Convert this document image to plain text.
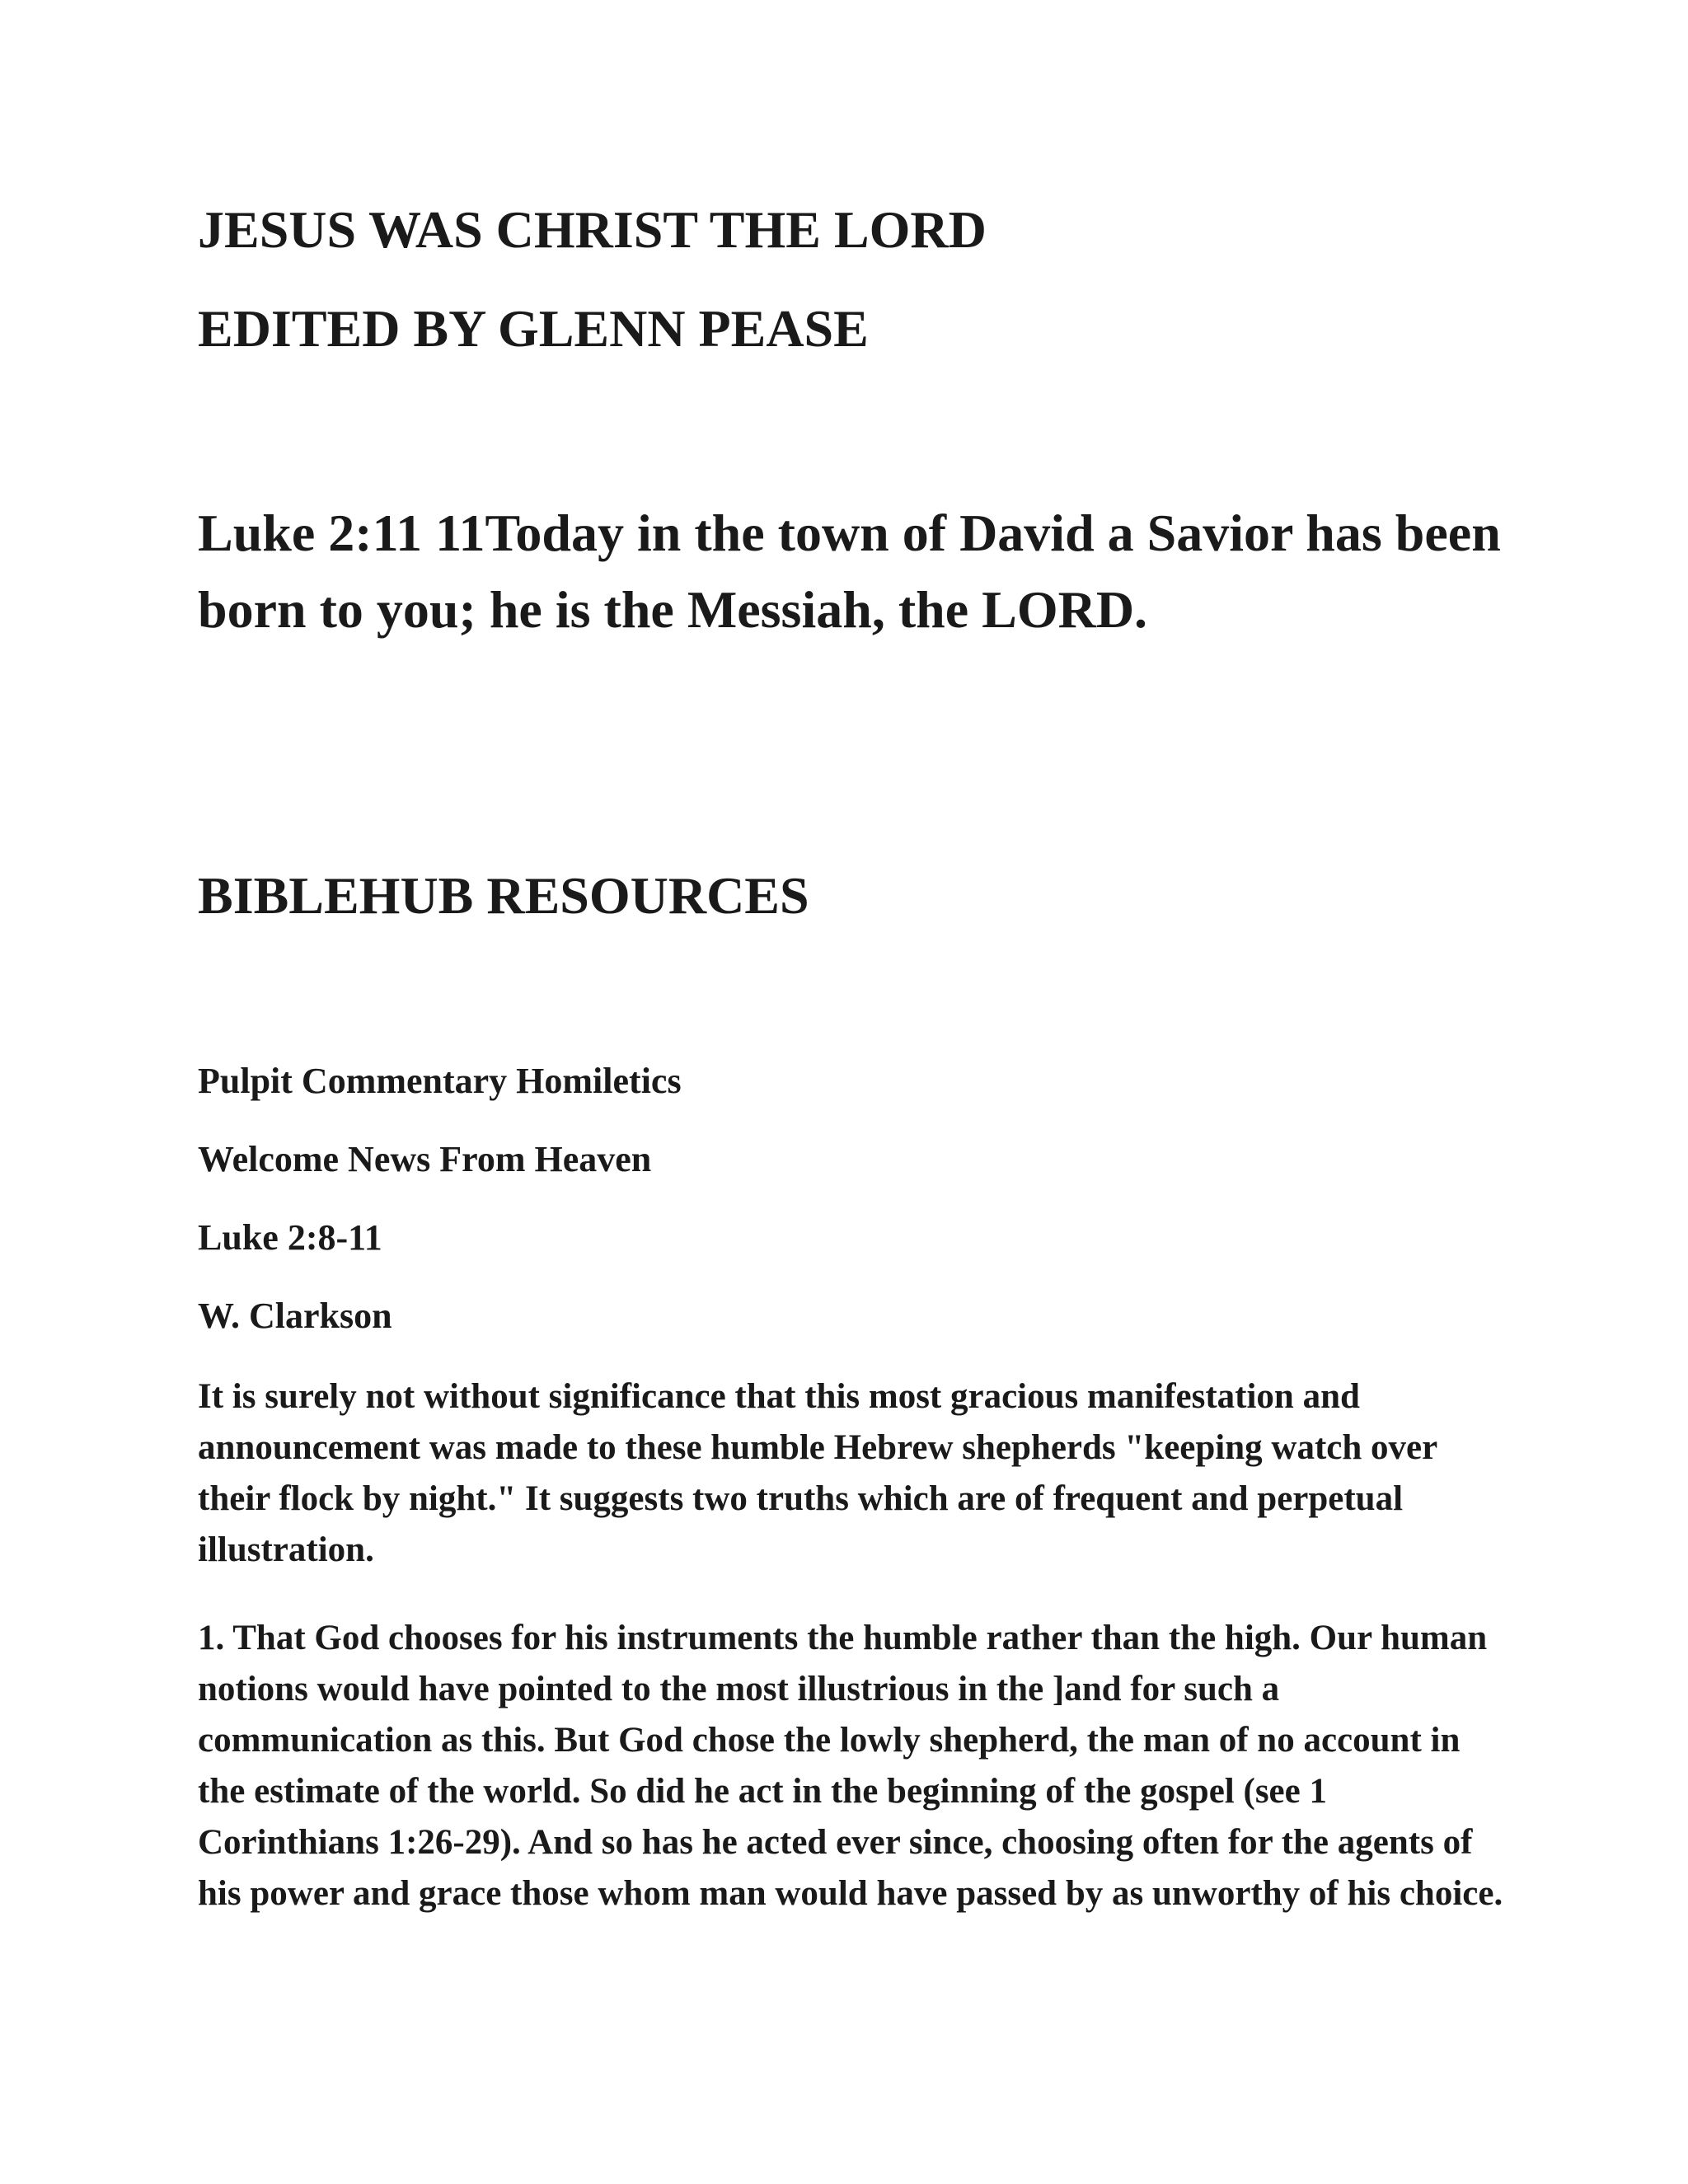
JESUS WAS CHRIST THE LORD
EDITED BY GLENN PEASE
Luke 2:11 11Today in the town of David a Savior has been born to you; he is the Messiah, the LORD.
BIBLEHUB RESOURCES
Pulpit Commentary Homiletics
Welcome News From Heaven
Luke 2:8-11
W. Clarkson

It is surely not without significance that this most gracious manifestation and announcement was made to these humble Hebrew shepherds "keeping watch over their flock by night." It suggests two truths which are of frequent and perpetual illustration.

1. That God chooses for his instruments the humble rather than the high. Our human notions would have pointed to the most illustrious in the ]and for such a communication as this. But God chose the lowly shepherd, the man of no account in the estimate of the world. So did he act in the beginning of the gospel (see 1 Corinthians 1:26-29). And so has he acted ever since, choosing often for the agents of his power and grace those whom man would have passed by as unworthy of his choice.
